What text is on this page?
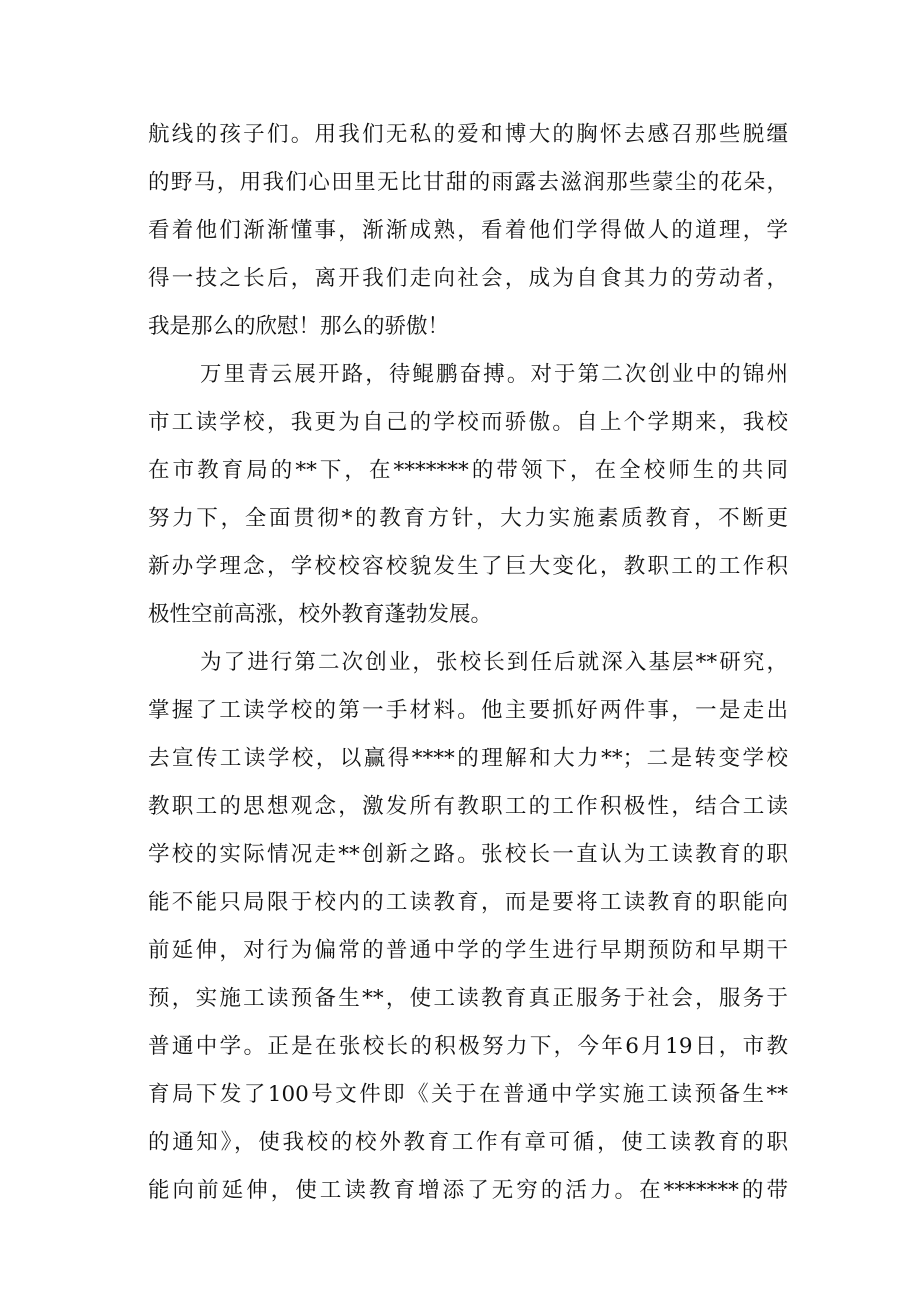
航线的孩子们。用我们无私的爱和博大的胸怀去感召那些脱缰
的野马，用我们心田里无比甘甜的雨露去滋润那些蒙尘的花朵，
看着他们渐渐懂事，渐渐成熟，看着他们学得做人的道理，学
得一技之长后，离开我们走向社会，成为自食其力的劳动者，
我是那么的欣慰！那么的骄傲！
万里青云展开路，待鲲鹏奋搏。对于第二次创业中的锦州
市工读学校，我更为自己的学校而骄傲。自上个学期来，我校
在市教育局的**下，在*******的带领下，在全校师生的共同
努力下，全面贯彻*的教育方针，大力实施素质教育，不断更
新办学理念，学校校容校貌发生了巨大变化，教职工的工作积
极性空前高涨，校外教育蓬勃发展。
为了进行第二次创业，张校长到任后就深入基层**研究，
掌握了工读学校的第一手材料。他主要抓好两件事，一是走出
去宣传工读学校，以赢得****的理解和大力**；二是转变学校
教职工的思想观念，激发所有教职工的工作积极性，结合工读
学校的实际情况走**创新之路。张校长一直认为工读教育的职
能不能只局限于校内的工读教育，而是要将工读教育的职能向
前延伸，对行为偏常的普通中学的学生进行早期预防和早期干
预，实施工读预备生**，使工读教育真正服务于社会，服务于
普通中学。正是在张校长的积极努力下，今年6月19日，市教
育局下发了100号文件即《关于在普通中学实施工读预备生**
的通知》，使我校的校外教育工作有章可循，使工读教育的职
能向前延伸，使工读教育增添了无穷的活力。在*******的带
